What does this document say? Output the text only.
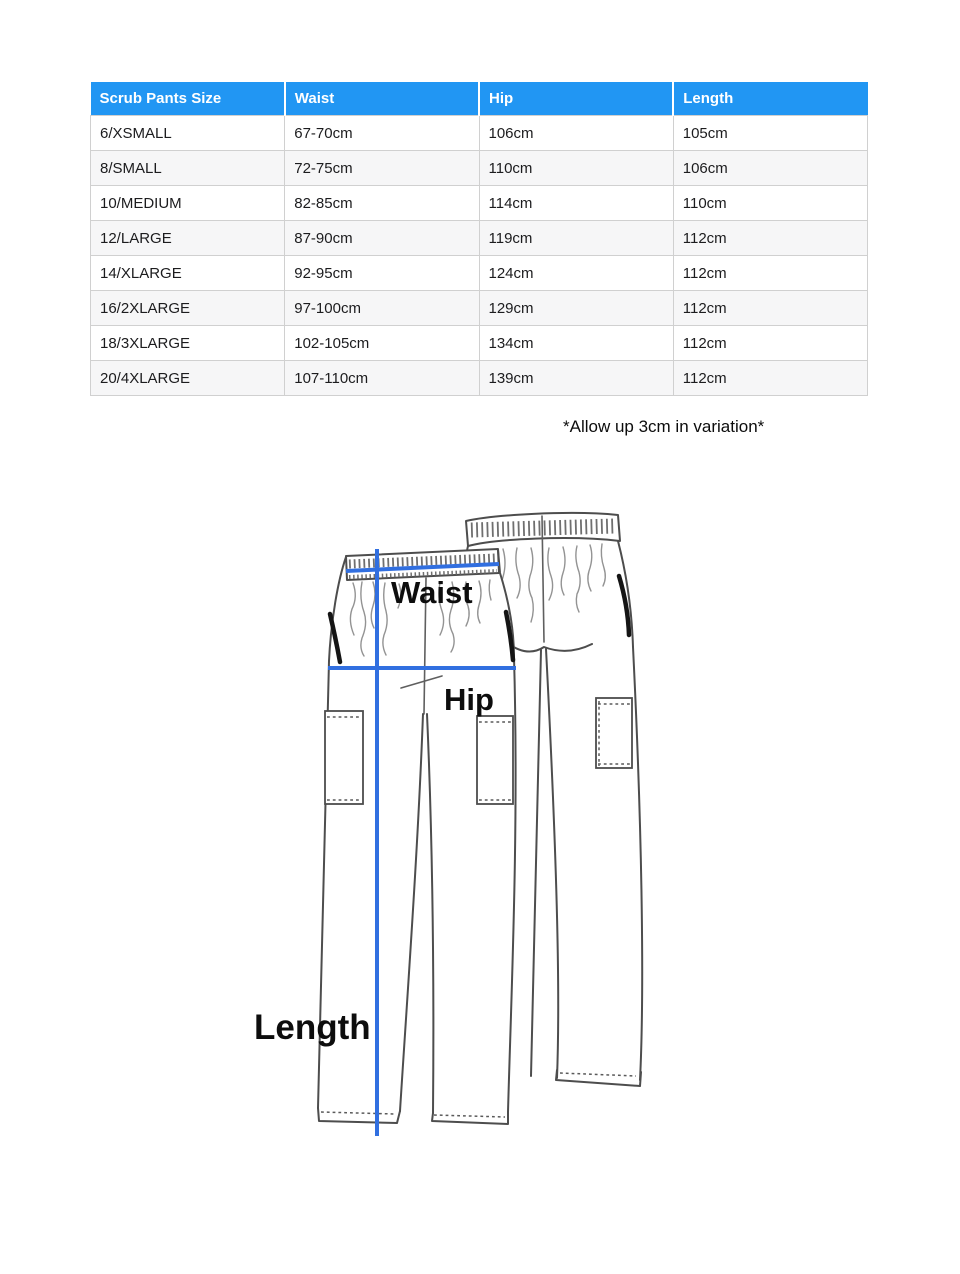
Scrub Pants Size	Waist	Hip	Length
6/XSMALL	67-70cm	106cm	105cm
8/SMALL	72-75cm	110cm	106cm
10/MEDIUM	82-85cm	114cm	110cm
12/LARGE	87-90cm	119cm	112cm
14/XLARGE	92-95cm	124cm	112cm
16/2XLARGE	97-100cm	129cm	112cm
18/3XLARGE	102-105cm	134cm	112cm
20/4XLARGE	107-110cm	139cm	112cm
*Allow up 3cm in variation*
Waist
Hip
Length
